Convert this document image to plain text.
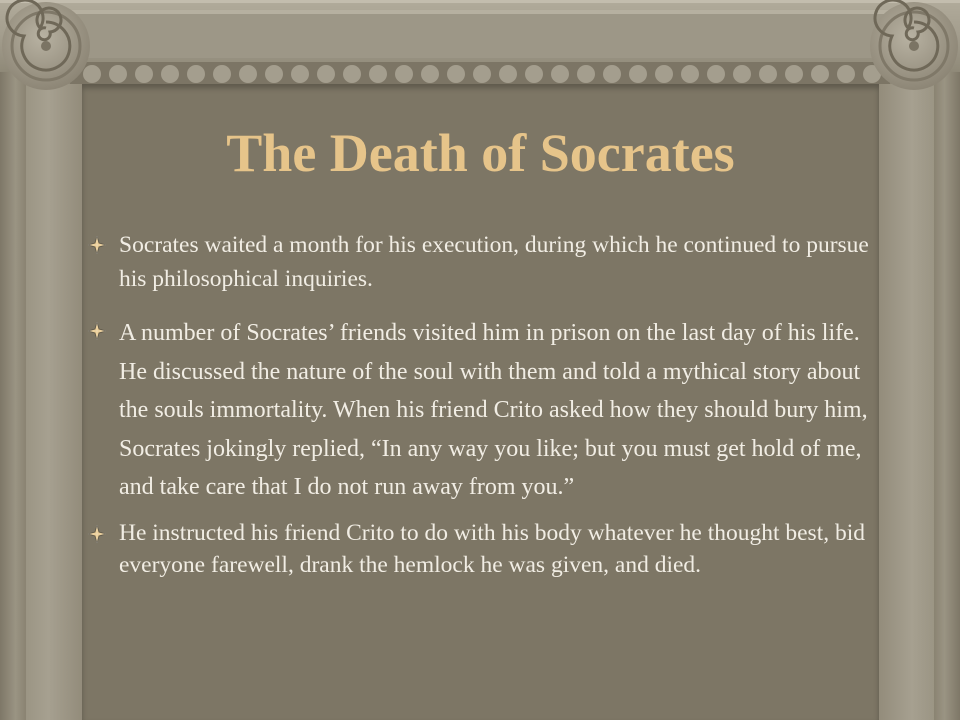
The Death of Socrates
Socrates waited a month for his execution, during which he continued to pursue his philosophical inquiries.
A number of Socrates’ friends visited him in prison on the last day of his life. He discussed the nature of the soul with them and told a mythical story about the souls immortality. When his friend Crito asked how they should bury him, Socrates jokingly replied, “In any way you like; but you must get hold of me, and take care that I do not run away from you.”
He instructed his friend Crito to do with his body whatever he thought best, bid everyone farewell, drank the hemlock he was given, and died.
